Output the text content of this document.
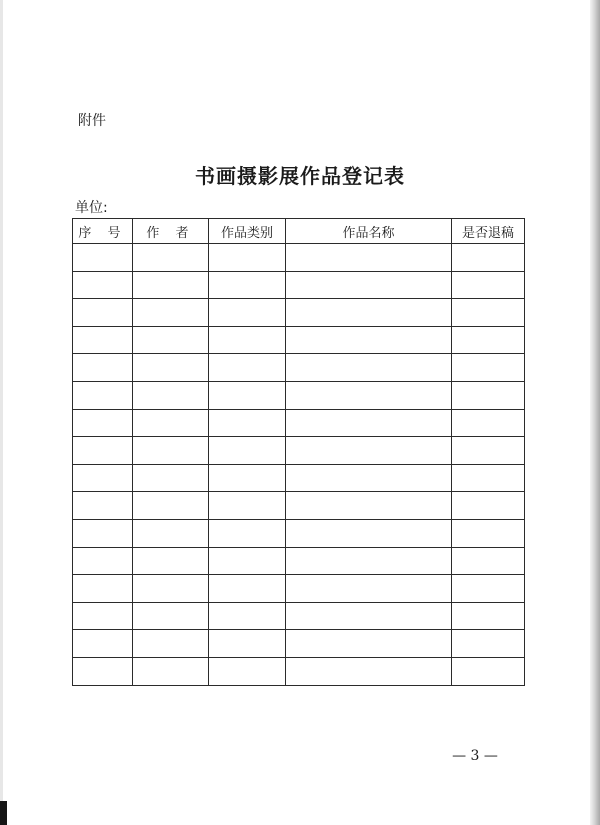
附件
书画摄影展作品登记表
单位:
序 号	作 者	作品类别	作品名称	是否退稿

— 3 —
